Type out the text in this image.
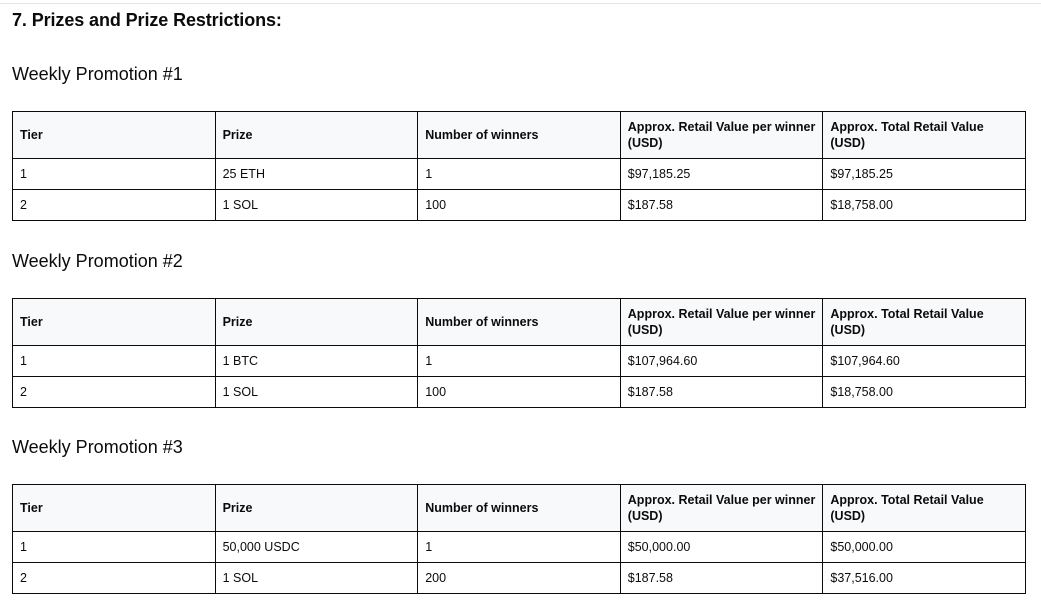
7. Prizes and Prize Restrictions:
Weekly Promotion #1
Tier	Prize	Number of winners	Approx. Retail Value per winner (USD)	Approx. Total Retail Value (USD)
1	25 ETH	1	$97,185.25	$97,185.25
2	1 SOL	100	$187.58	$18,758.00
Weekly Promotion #2
Tier	Prize	Number of winners	Approx. Retail Value per winner (USD)	Approx. Total Retail Value (USD)
1	1 BTC	1	$107,964.60	$107,964.60
2	1 SOL	100	$187.58	$18,758.00
Weekly Promotion #3
Tier	Prize	Number of winners	Approx. Retail Value per winner (USD)	Approx. Total Retail Value (USD)
1	50,000 USDC	1	$50,000.00	$50,000.00
2	1 SOL	200	$187.58	$37,516.00
